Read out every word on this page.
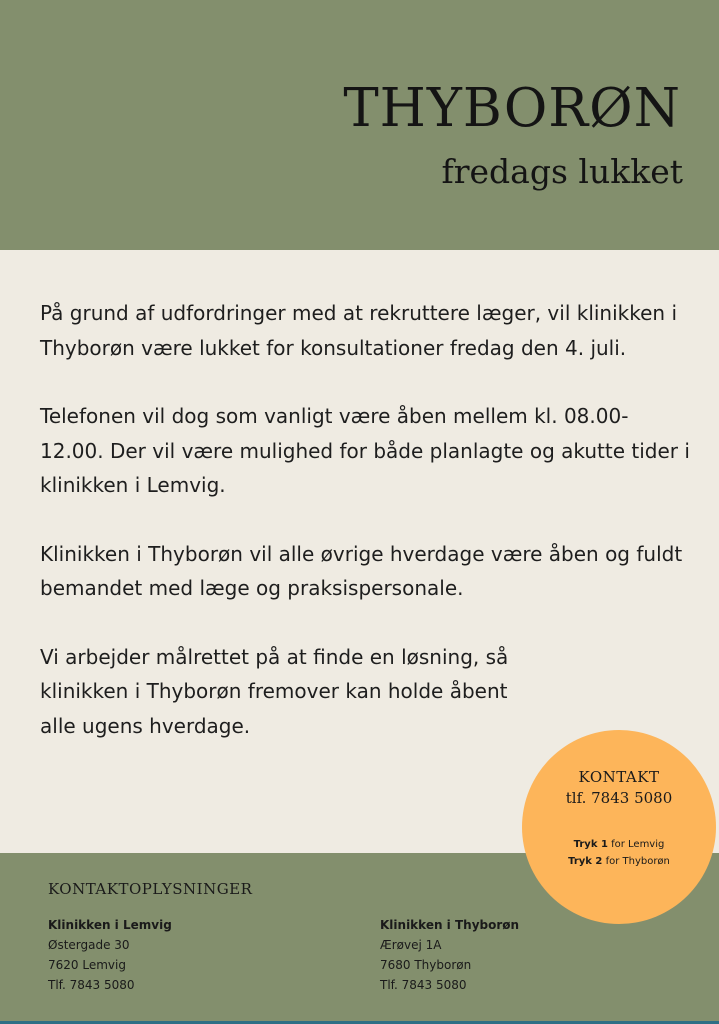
THYBORØN
fredags lukket

På grund af udfordringer med at rekruttere læger, vil klinikken i Thyborøn være lukket for konsultationer fredag den 4. juli.

Telefonen vil dog som vanligt være åben mellem kl. 08.00-12.00. Der vil være mulighed for både planlagte og akutte tider i klinikken i Lemvig.

Klinikken i Thyborøn vil alle øvrige hverdage være åben og fuldt bemandet med læge og praksispersonale.

Vi arbejder målrettet på at finde en løsning, så klinikken i Thyborøn fremover kan holde åbent alle ugens hverdage.

KONTAKTOPLYSNINGER
Klinikken i Lemvig
Østergade 30
7620 Lemvig
Tlf. 7843 5080
Klinikken i Thyborøn
Ærøvej 1A
7680 Thyborøn
Tlf. 7843 5080
KONTAKT
tlf. 7843 5080
Tryk 1 for Lemvig
Tryk 2 for Thyborøn
